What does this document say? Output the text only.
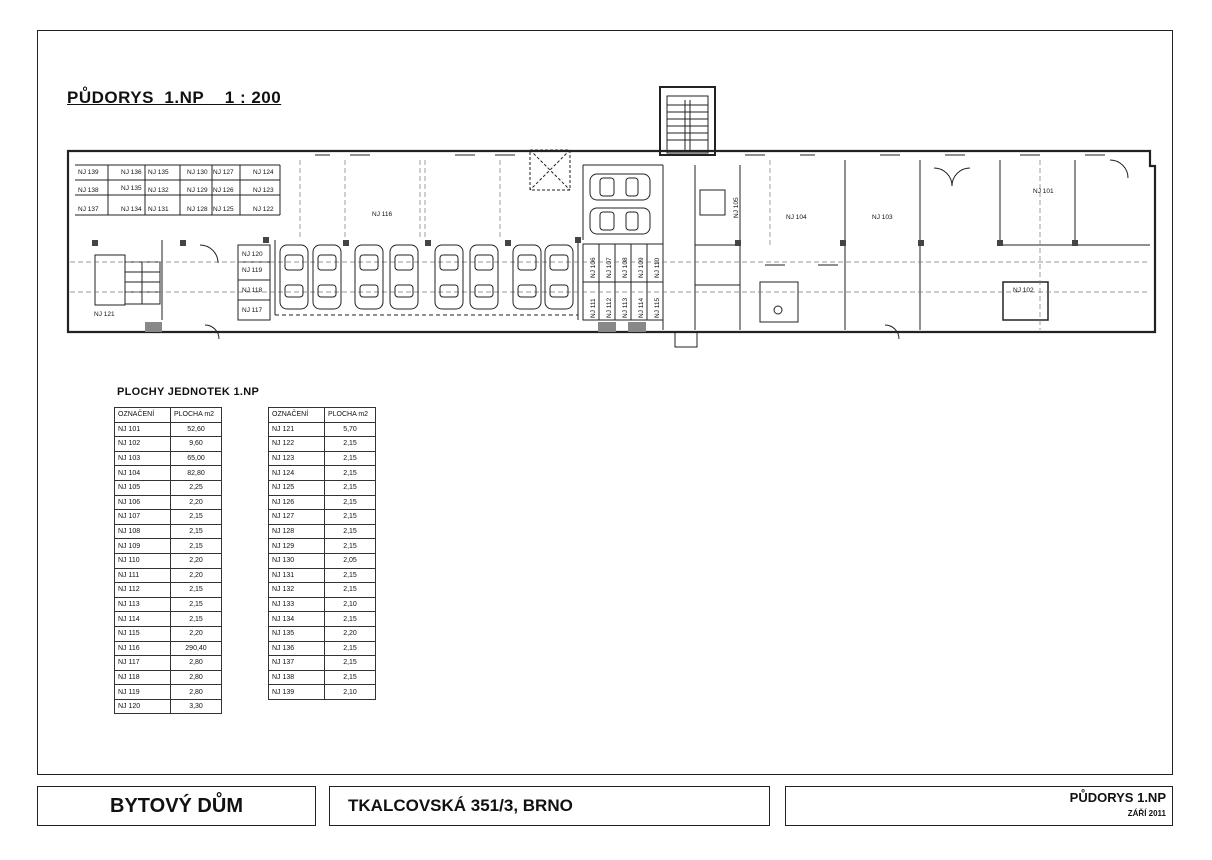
PŮDORYS  1.NP    1 : 200
NJ 139	NJ 136 NJ 135	NJ 130 NJ 127	NJ 124
NJ 138	NJ 135 NJ 132	NJ 129 NJ 126	NJ 123
NJ 137	NJ 134 NJ 131	NJ 128 NJ 125	NJ 122
NJ 116
NJ 120
NJ 119
NJ 118
NJ 117
NJ 121
NJ 106 NJ 107 NJ 108 NJ 109 NJ 110
NJ 111 NJ 112 NJ 113 NJ 114 NJ 115
NJ 105	NJ 104	NJ 103
NJ 101
NJ 102
PLOCHY JEDNOTEK 1.NP
OZNAČENÍ	PLOCHA m2
NJ 101	52,60
NJ 102	9,60
NJ 103	65,00
NJ 104	82,80
NJ 105	2,25
NJ 106	2,20
NJ 107	2,15
NJ 108	2,15
NJ 109	2,15
NJ 110	2,20
NJ 111	2,20
NJ 112	2,15
NJ 113	2,15
NJ 114	2,15
NJ 115	2,20
NJ 116	290,40
NJ 117	2,80
NJ 118	2,80
NJ 119	2,80
NJ 120	3,30
OZNAČENÍ	PLOCHA m2
NJ 121	5,70
NJ 122	2,15
NJ 123	2,15
NJ 124	2,15
NJ 125	2,15
NJ 126	2,15
NJ 127	2,15
NJ 128	2,15
NJ 129	2,15
NJ 130	2,05
NJ 131	2,15
NJ 132	2,15
NJ 133	2,10
NJ 134	2,15
NJ 135	2,20
NJ 136	2,15
NJ 137	2,15
NJ 138	2,15
NJ 139	2,10
BYTOVÝ DŮM	TKALCOVSKÁ 351/3, BRNO	PŮDORYS 1.NP
ZÁŘÍ 2011
